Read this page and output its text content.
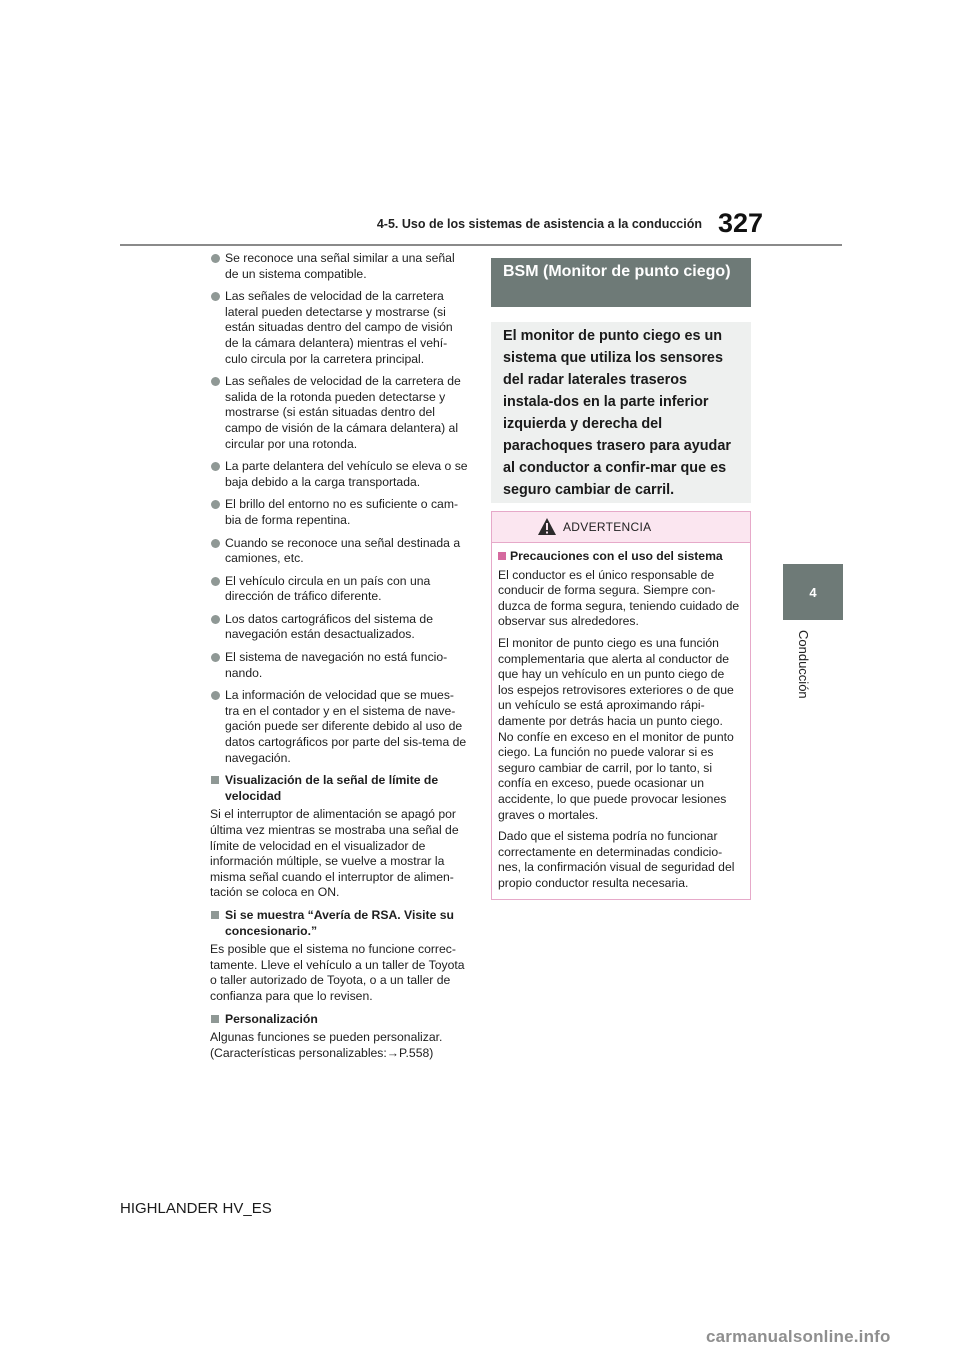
4-5. Uso de los sistemas de asistencia a la conducción 327
4
Conducción
Se reconoce una señal similar a una señal de un sistema compatible.
Las señales de velocidad de la carretera lateral pueden detectarse y mostrarse (si están situadas dentro del campo de visión de la cámara delantera) mientras el vehí-culo circula por la carretera principal.
Las señales de velocidad de la carretera de salida de la rotonda pueden detectarse y mostrarse (si están situadas dentro del campo de visión de la cámara delantera) al circular por una rotonda.
La parte delantera del vehículo se eleva o se baja debido a la carga transportada.
El brillo del entorno no es suficiente o cam-bia de forma repentina.
Cuando se reconoce una señal destinada a camiones, etc.
El vehículo circula en un país con una dirección de tráfico diferente.
Los datos cartográficos del sistema de navegación están desactualizados.
El sistema de navegación no está funcio-nando.
La información de velocidad que se mues-tra en el contador y en el sistema de nave-gación puede ser diferente debido al uso de datos cartográficos por parte del sis-tema de navegación.
Visualización de la señal de límite de velocidad
Si el interruptor de alimentación se apagó por última vez mientras se mostraba una señal de límite de velocidad en el visualizador de información múltiple, se vuelve a mostrar la misma señal cuando el interruptor de alimen-tación se coloca en ON.
Si se muestra “Avería de RSA. Visite su concesionario.”
Es posible que el sistema no funcione correc-tamente. Lleve el vehículo a un taller de Toyota o taller autorizado de Toyota, o a un taller de confianza para que lo revisen.
Personalización
Algunas funciones se pueden personalizar. (Características personalizables:→P.558)
BSM (Monitor de punto ciego)
El monitor de punto ciego es un sistema que utiliza los sensores del radar laterales traseros instala-dos en la parte inferior izquierda y derecha del parachoques trasero para ayudar al conductor a confir-mar que es seguro cambiar de carril.
ADVERTENCIA
Precauciones con el uso del sistema
El conductor es el único responsable de conducir de forma segura. Siempre con-duzca de forma segura, teniendo cuidado de observar sus alrededores.
El monitor de punto ciego es una función complementaria que alerta al conductor de que hay un vehículo en un punto ciego de los espejos retrovisores exteriores o de que un vehículo se está aproximando rápi-damente por detrás hacia un punto ciego. No confíe en exceso en el monitor de punto ciego. La función no puede valorar si es seguro cambiar de carril, por lo tanto, si confía en exceso, puede ocasionar un accidente, lo que puede provocar lesiones graves o mortales.
Dado que el sistema podría no funcionar correctamente en determinadas condicio-nes, la confirmación visual de seguridad del propio conductor resulta necesaria.
HIGHLANDER HV_ES
carmanualsonline.info
